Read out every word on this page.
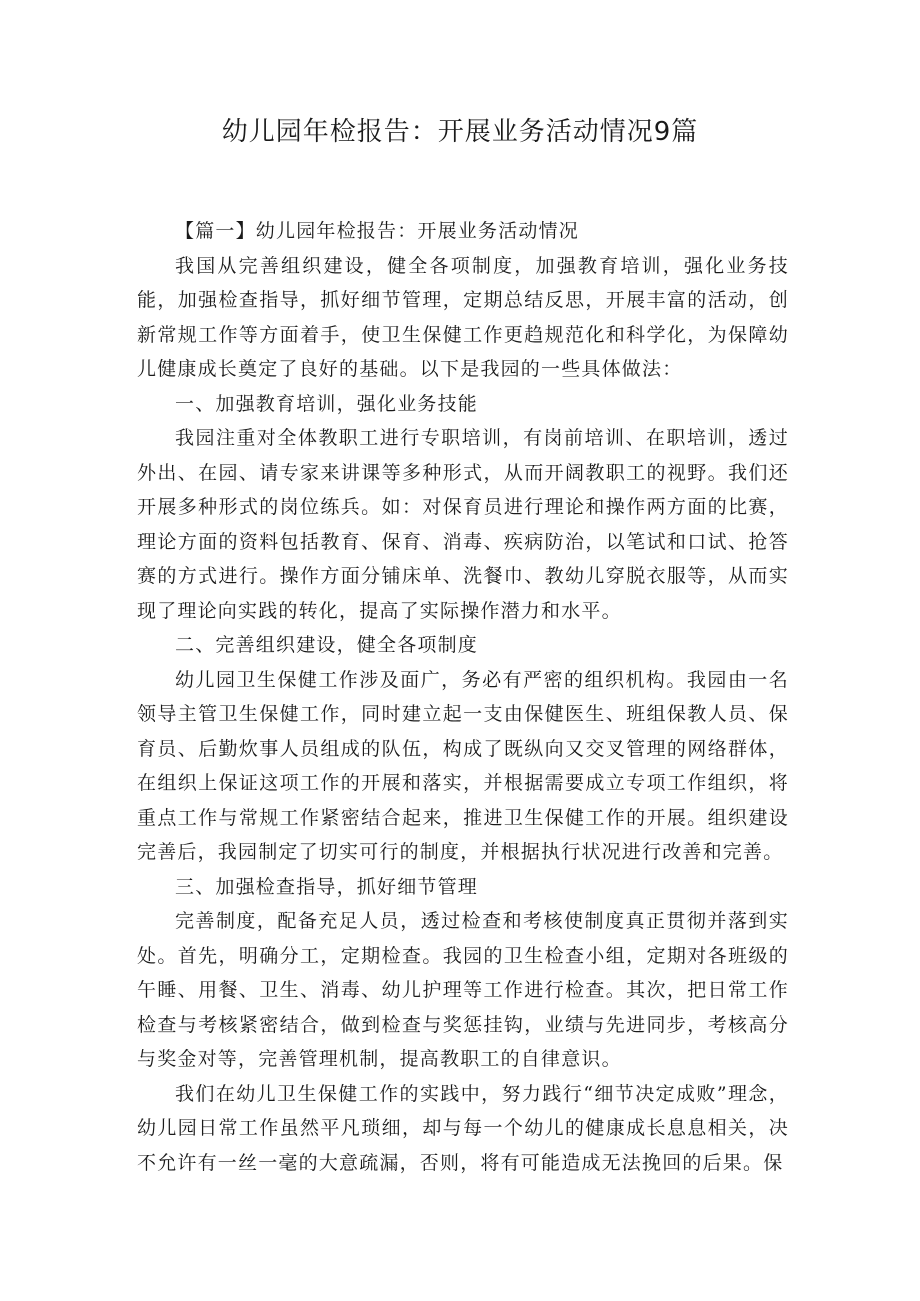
幼儿园年检报告：开展业务活动情况9篇

【篇一】幼儿园年检报告：开展业务活动情况

我国从完善组织建设，健全各项制度，加强教育培训，强化业务技能，加强检查指导，抓好细节管理，定期总结反思，开展丰富的活动，创新常规工作等方面着手，使卫生保健工作更趋规范化和科学化，为保障幼儿健康成长奠定了良好的基础。以下是我园的一些具体做法：

一、加强教育培训，强化业务技能

我园注重对全体教职工进行专职培训，有岗前培训、在职培训，透过外出、在园、请专家来讲课等多种形式，从而开阔教职工的视野。我们还开展多种形式的岗位练兵。如：对保育员进行理论和操作两方面的比赛，理论方面的资料包括教育、保育、消毒、疾病防治，以笔试和口试、抢答赛的方式进行。操作方面分铺床单、洗餐巾、教幼儿穿脱衣服等，从而实现了理论向实践的转化，提高了实际操作潜力和水平。

二、完善组织建设，健全各项制度

幼儿园卫生保健工作涉及面广，务必有严密的组织机构。我园由一名领导主管卫生保健工作，同时建立起一支由保健医生、班组保教人员、保育员、后勤炊事人员组成的队伍，构成了既纵向又交叉管理的网络群体，在组织上保证这项工作的开展和落实，并根据需要成立专项工作组织，将重点工作与常规工作紧密结合起来，推进卫生保健工作的开展。组织建设完善后，我园制定了切实可行的制度，并根据执行状况进行改善和完善。

三、加强检查指导，抓好细节管理

完善制度，配备充足人员，透过检查和考核使制度真正贯彻并落到实处。首先，明确分工，定期检查。我园的卫生检查小组，定期对各班级的午睡、用餐、卫生、消毒、幼儿护理等工作进行检查。其次，把日常工作检查与考核紧密结合，做到检查与奖惩挂钩，业绩与先进同步，考核高分与奖金对等，完善管理机制，提高教职工的自律意识。

我们在幼儿卫生保健工作的实践中，努力践行“细节决定成败”理念，幼儿园日常工作虽然平凡琐细，却与每一个幼儿的健康成长息息相关，决不允许有一丝一毫的大意疏漏，否则，将有可能造成无法挽回的后果。保
